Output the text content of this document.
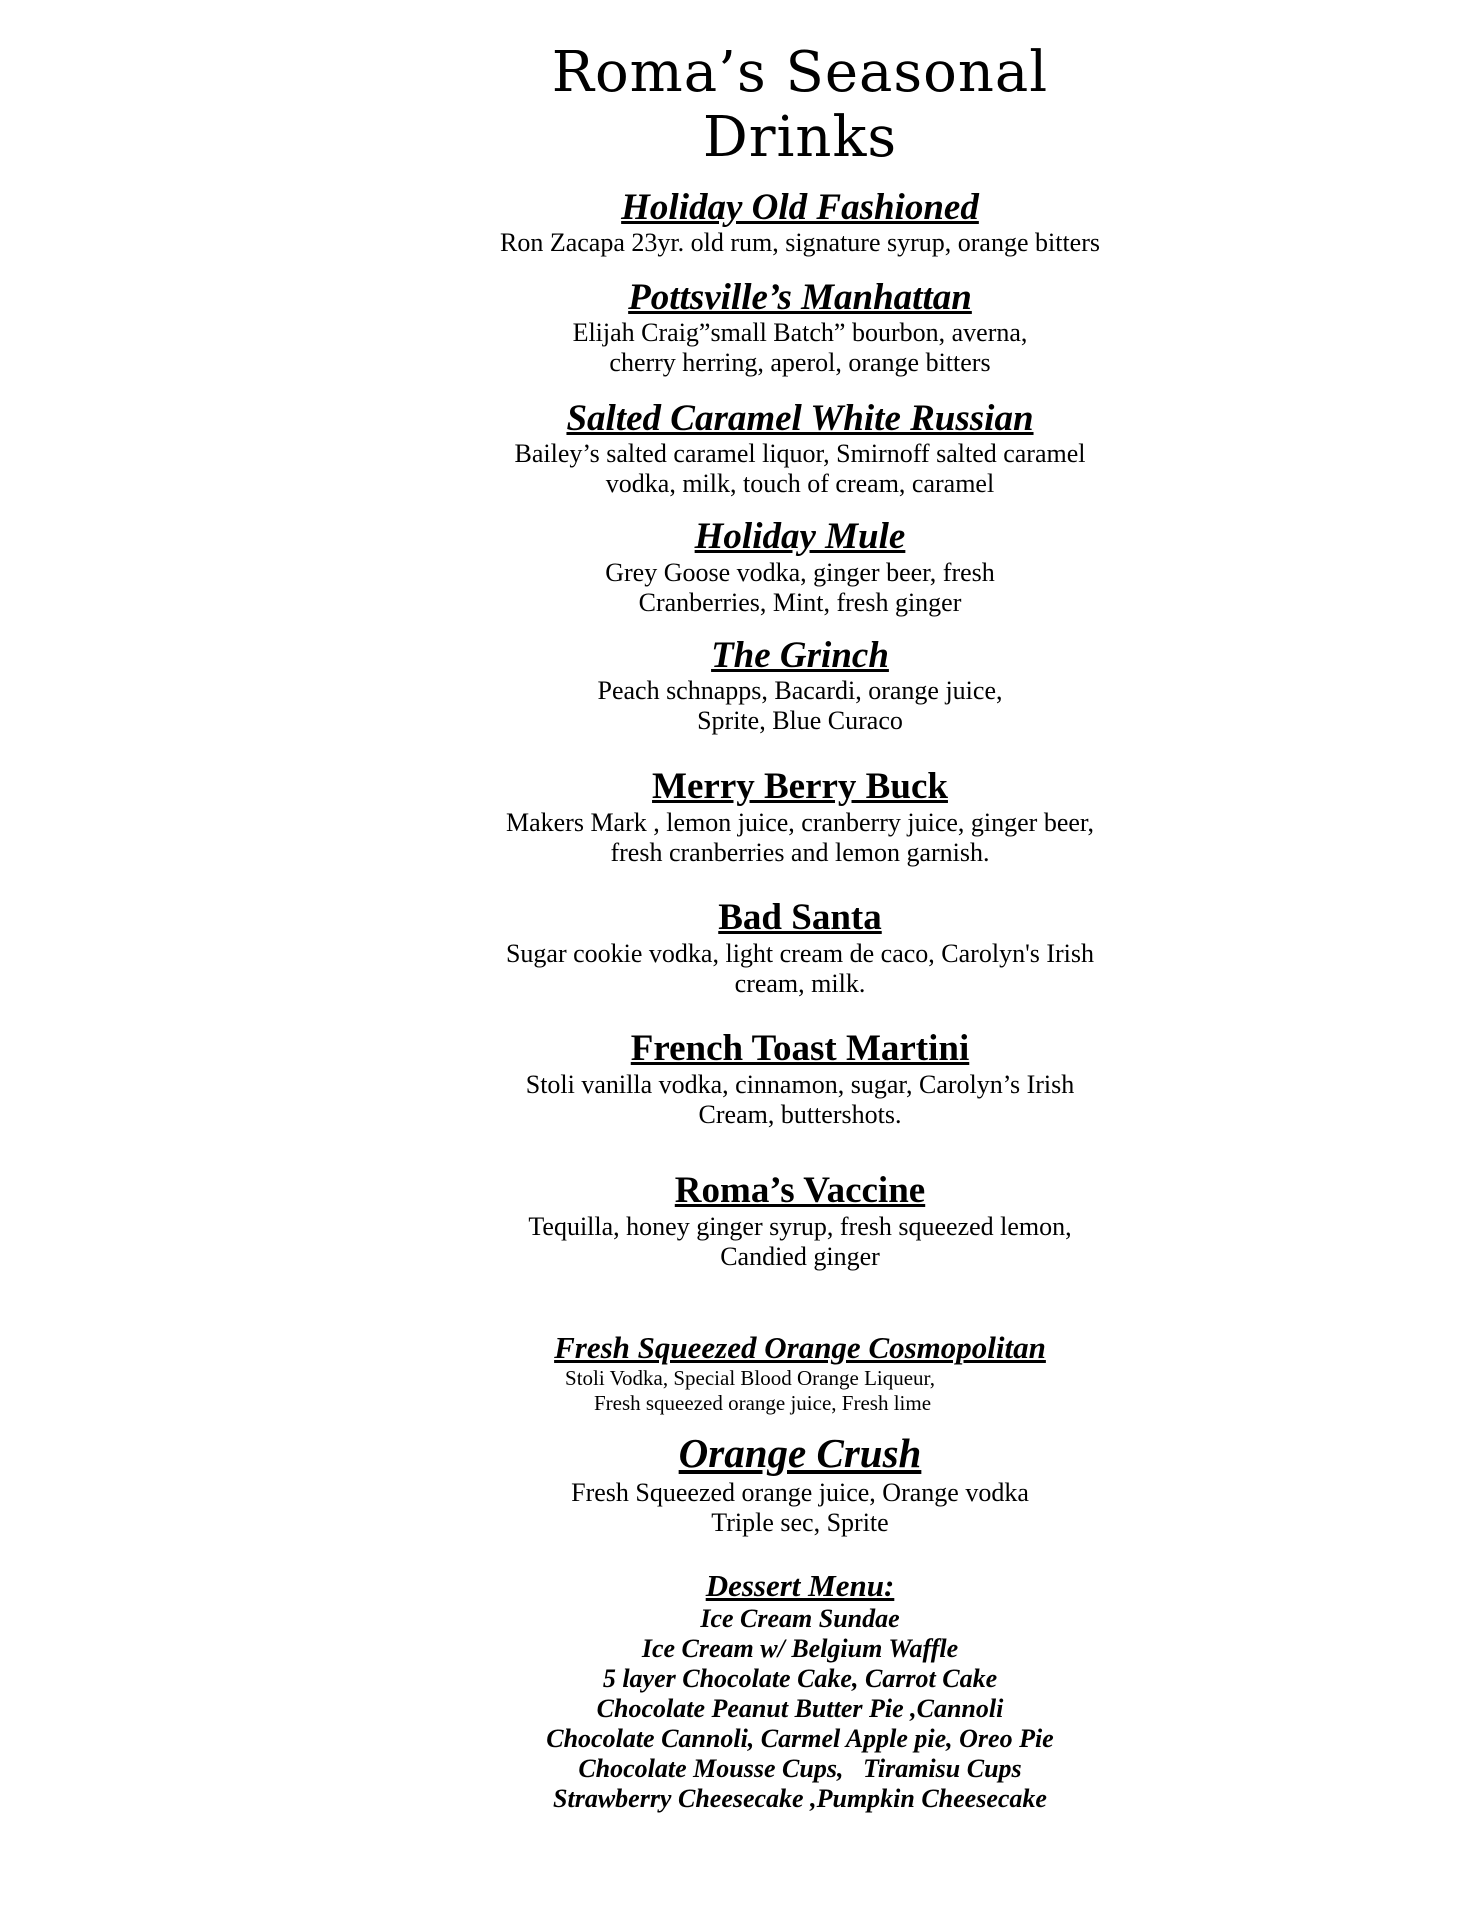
Roma’s Seasonal
Drinks
Holiday Old Fashioned
Ron Zacapa 23yr. old rum, signature syrup, orange bitters
Pottsville’s Manhattan
Elijah Craig”small Batch” bourbon, averna,
cherry herring, aperol, orange bitters
Salted Caramel White Russian
Bailey’s salted caramel liquor, Smirnoff salted caramel
vodka, milk, touch of cream, caramel
Holiday Mule
Grey Goose vodka, ginger beer, fresh
Cranberries, Mint, fresh ginger
The Grinch
Peach schnapps, Bacardi, orange juice,
Sprite, Blue Curaco
Merry Berry Buck
Makers Mark , lemon juice, cranberry juice, ginger beer,
fresh cranberries and lemon garnish.
Bad Santa
Sugar cookie vodka, light cream de caco, Carolyn's Irish
cream, milk.
French Toast Martini
Stoli vanilla vodka, cinnamon, sugar, Carolyn’s Irish
Cream, buttershots.
Roma’s Vaccine
Tequilla, honey ginger syrup, fresh squeezed lemon,
Candied ginger
Fresh Squeezed Orange Cosmopolitan
Stoli Vodka, Special Blood Orange Liqueur,
Fresh squeezed orange juice, Fresh lime
Orange Crush
Fresh Squeezed orange juice, Orange vodka
Triple sec, Sprite
Dessert Menu:
Ice Cream Sundae
Ice Cream w/ Belgium Waffle
5 layer Chocolate Cake, Carrot Cake
Chocolate Peanut Butter Pie ,Cannoli
Chocolate Cannoli, Carmel Apple pie, Oreo Pie
Chocolate Mousse Cups,   Tiramisu Cups
Strawberry Cheesecake ,Pumpkin Cheesecake
